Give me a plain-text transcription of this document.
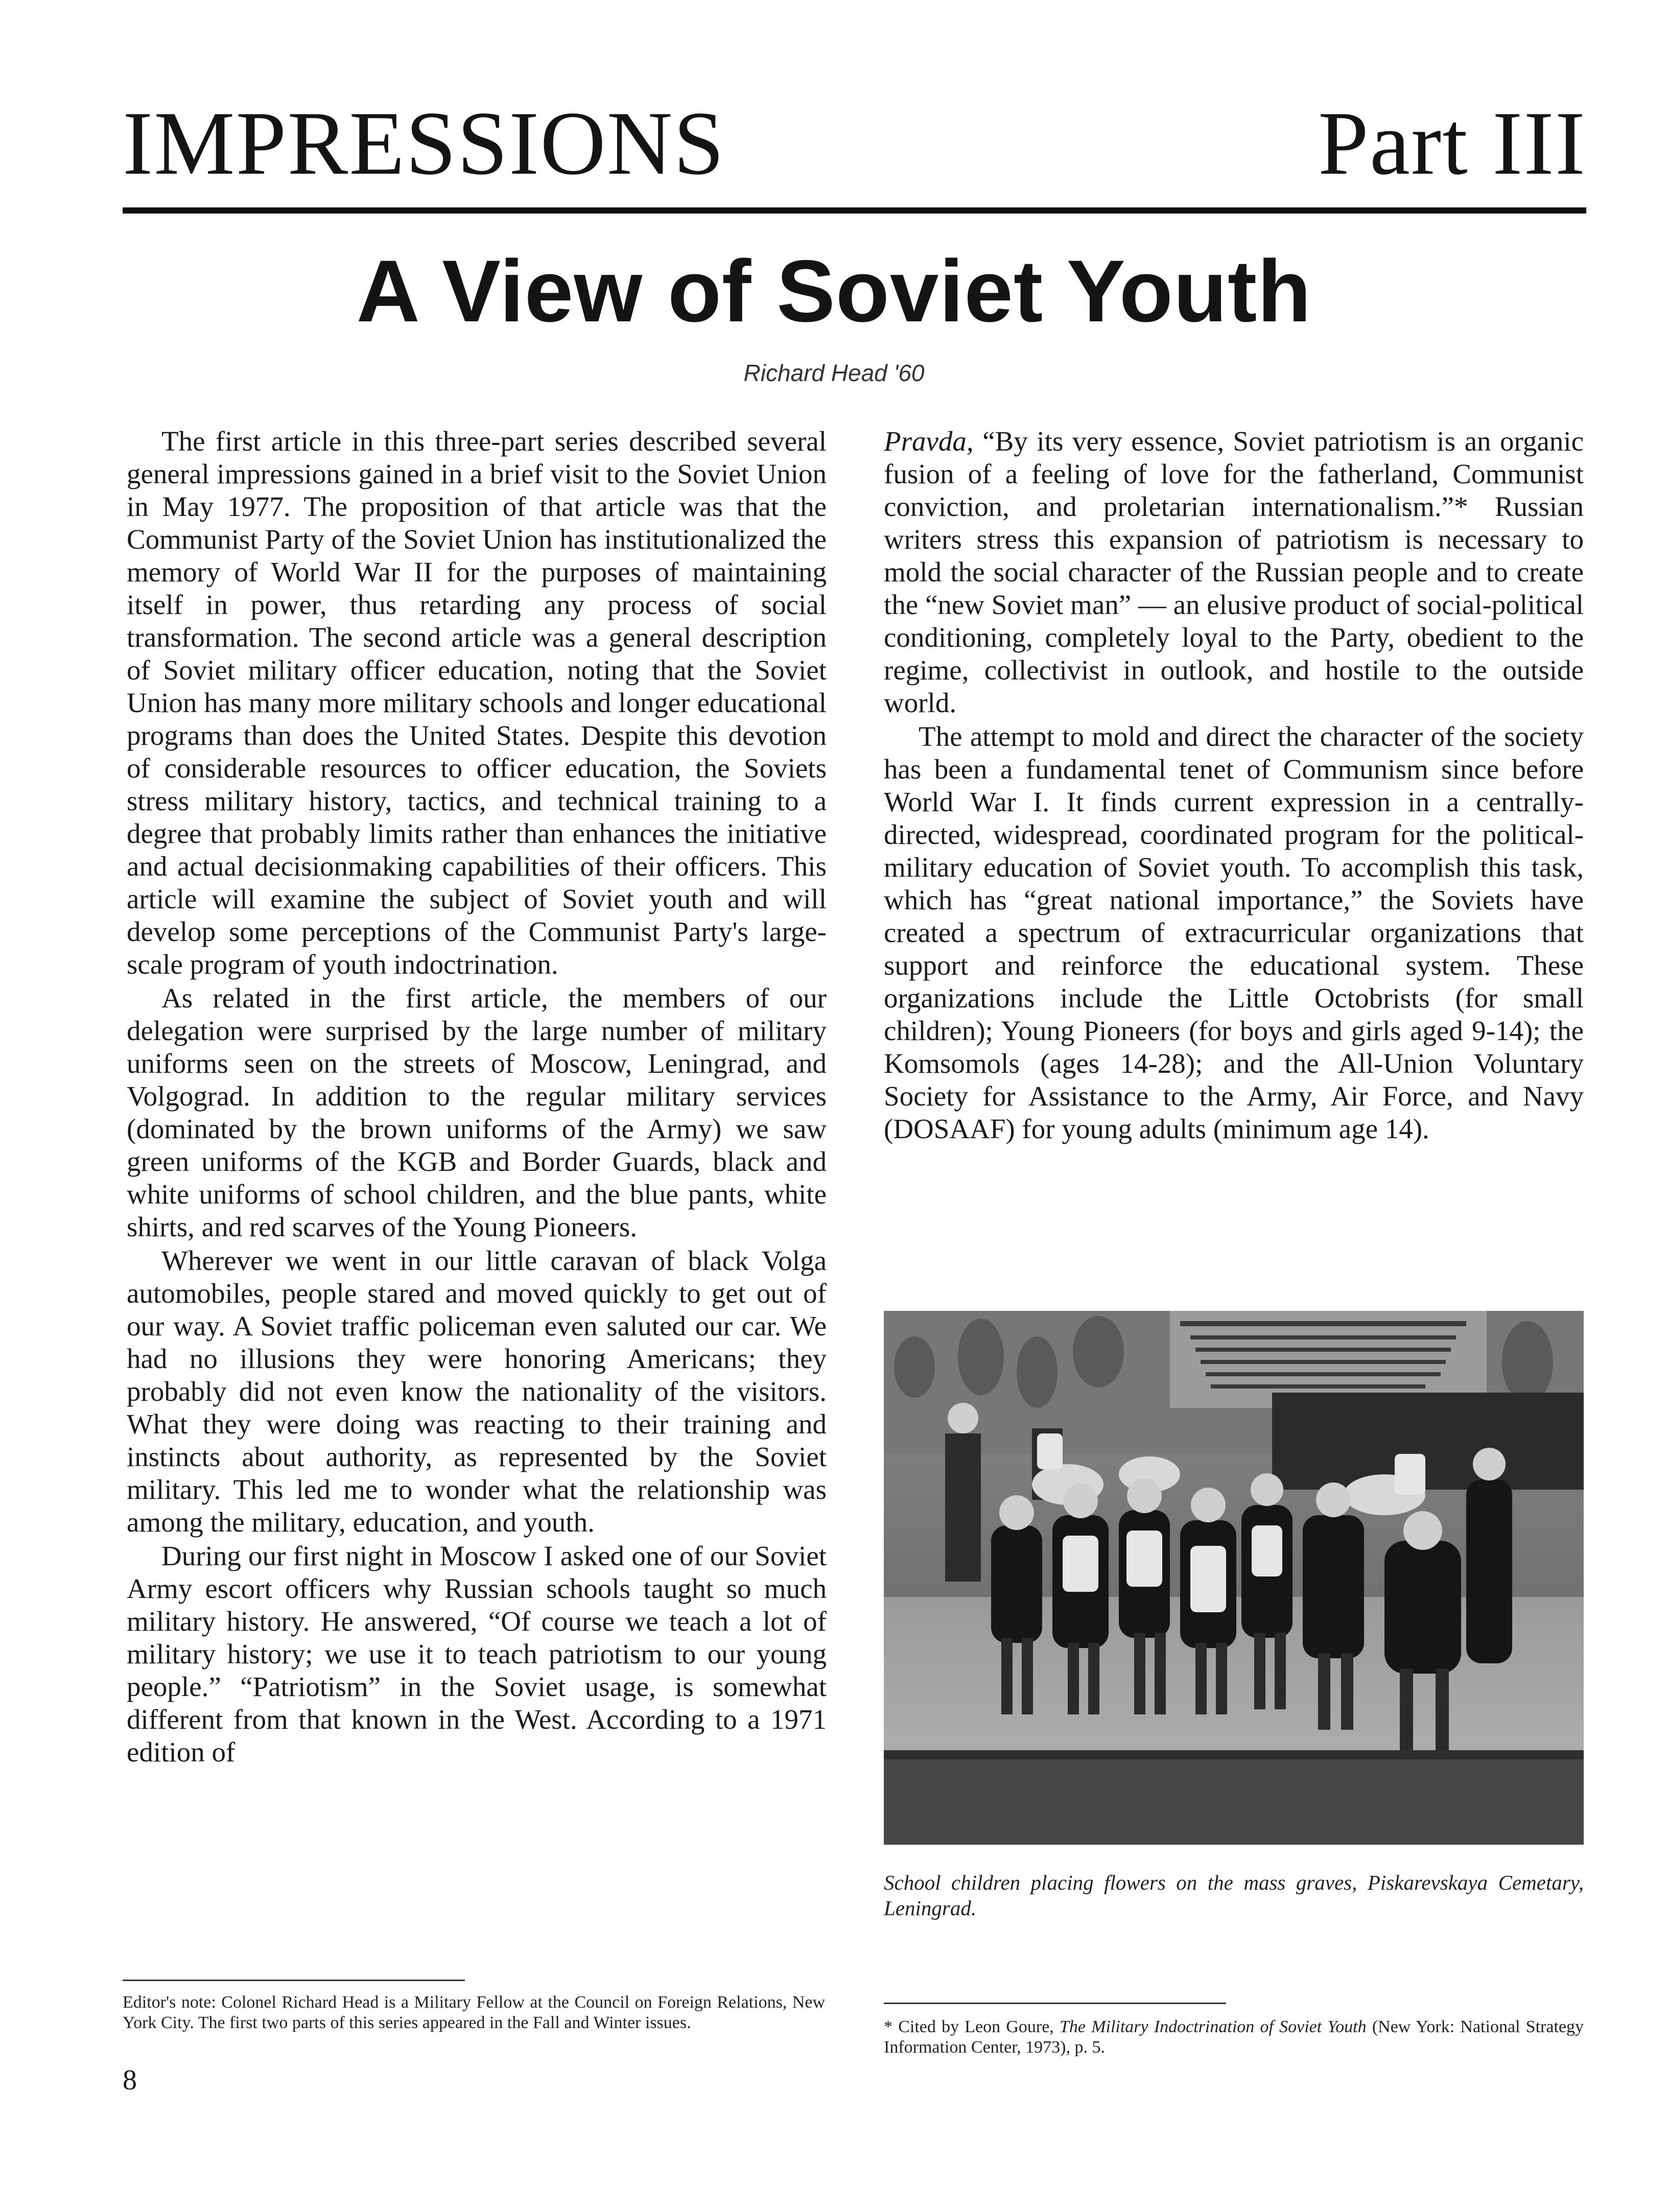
IMPRESSIONS	Part III
A View of Soviet Youth
Richard Head '60

The first article in this three-part series described several general impressions gained in a brief visit to the Soviet Union in May 1977. The proposition of that article was that the Communist Party of the Soviet Union has institutionalized the memory of World War II for the purposes of maintaining itself in power, thus retarding any process of social transformation. The second article was a general description of Soviet military officer education, noting that the Soviet Union has many more military schools and longer educational programs than does the United States. Despite this devotion of considerable resources to officer education, the Soviets stress military history, tactics, and technical training to a degree that probably limits rather than enhances the initiative and actual decisionmaking capabilities of their officers. This article will examine the subject of Soviet youth and will develop some perceptions of the Communist Party's large-scale program of youth indoctrination.

As related in the first article, the members of our delegation were surprised by the large number of military uniforms seen on the streets of Moscow, Leningrad, and Volgograd. In addition to the regular military services (dominated by the brown uniforms of the Army) we saw green uniforms of the KGB and Border Guards, black and white uniforms of school children, and the blue pants, white shirts, and red scarves of the Young Pioneers.

Wherever we went in our little caravan of black Volga automobiles, people stared and moved quickly to get out of our way. A Soviet traffic policeman even saluted our car. We had no illusions they were honoring Americans; they probably did not even know the nationality of the visitors. What they were doing was reacting to their training and instincts about authority, as represented by the Soviet military. This led me to wonder what the relationship was among the military, education, and youth.

During our first night in Moscow I asked one of our Soviet Army escort officers why Russian schools taught so much military history. He answered, “Of course we teach a lot of military history; we use it to teach patriotism to our young people.” “Patriotism” in the Soviet usage, is somewhat different from that known in the West. According to a 1971 edition of

Pravda, “By its very essence, Soviet patriotism is an organic fusion of a feeling of love for the fatherland, Communist conviction, and proletarian internationalism.”* Russian writers stress this expansion of patriotism is necessary to mold the social character of the Russian people and to create the “new Soviet man” — an elusive product of social-political conditioning, completely loyal to the Party, obedient to the regime, collectivist in outlook, and hostile to the outside world.

The attempt to mold and direct the character of the society has been a fundamental tenet of Communism since before World War I. It finds current expression in a centrally-directed, widespread, coordinated program for the political-military education of Soviet youth. To accomplish this task, which has “great national importance,” the Soviets have created a spectrum of extracurricular organizations that support and reinforce the educational system. These organizations include the Little Octobrists (for small children); Young Pioneers (for boys and girls aged 9-14); the Komsomols (ages 14-28); and the All-Union Voluntary Society for Assistance to the Army, Air Force, and Navy (DOSAAF) for young adults (minimum age 14).

School children placing flowers on the mass graves, Piskarevskaya Cemetary, Leningrad.
Editor's note: Colonel Richard Head is a Military Fellow at the Council on Foreign Relations, New York City. The first two parts of this series appeared in the Fall and Winter issues.	* Cited by Leon Goure, The Military Indoctrination of Soviet Youth (New York: National Strategy Information Center, 1973), p. 5.
8
